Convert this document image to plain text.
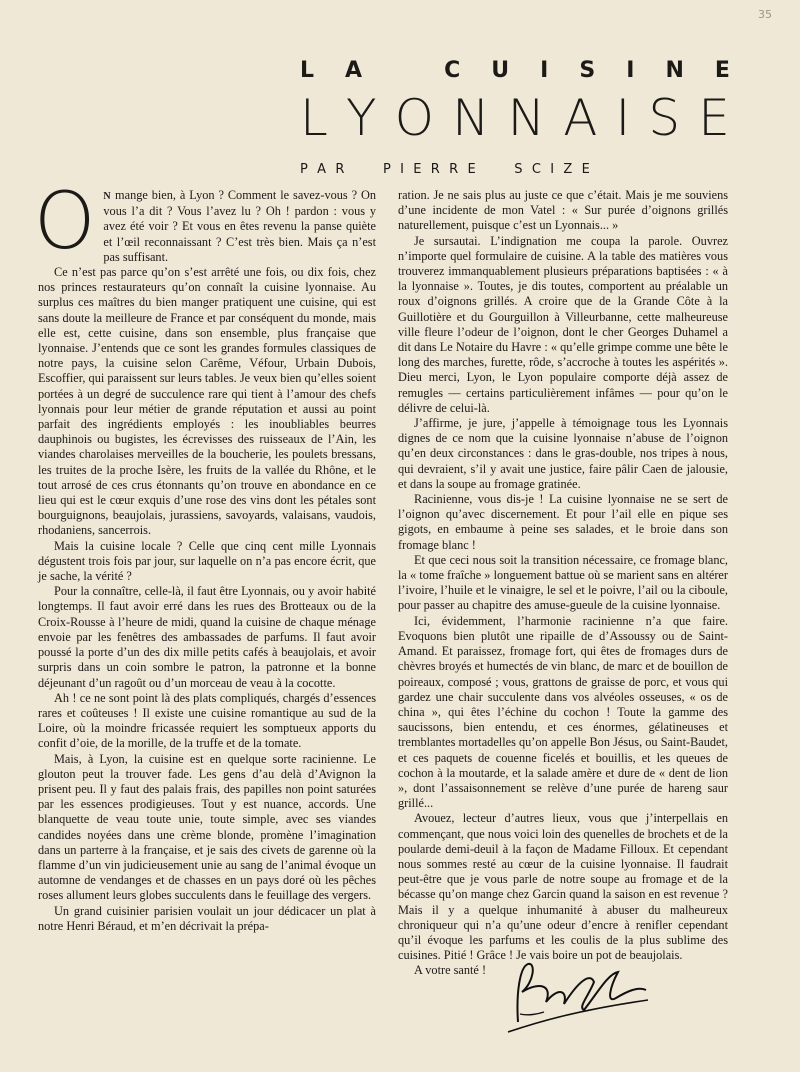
35
L A	C U I S I N E
L Y O N N A I S E
P A R	P I E R R E	S C I Z E

O N mange bien, à Lyon ? Comment le savez-vous ? On vous l’a dit ? Vous l’avez lu ? Oh ! pardon : vous y avez été voir ? Et vous en êtes revenu la panse quiète et l’œil reconnaissant ? C’est très bien. Mais ça n’est pas suffisant.

Ce n’est pas parce qu’on s’est arrêté une fois, ou dix fois, chez nos princes restaurateurs qu’on connaît la cuisine lyonnaise. Au surplus ces maîtres du bien manger pratiquent une cuisine, qui est sans doute la meilleure de France et par conséquent du monde, mais elle est, cette cuisine, dans son ensemble, plus française que lyonnaise. J’entends que ce sont les grandes formules classiques de notre pays, la cuisine selon Carême, Véfour, Urbain Dubois, Escoffier, qui paraissent sur leurs tables. Je veux bien qu’elles soient portées à un degré de succulence rare qui tient à l’amour des chefs lyonnais pour leur métier de grande réputation et aussi au point parfait des ingrédients employés : les inoubliables beurres dauphinois ou bugistes, les écrevisses des ruisseaux de l’Ain, les viandes charolaises merveilles de la boucherie, les poulets bressans, les truites de la proche Isère, les fruits de la vallée du Rhône, et le tout arrosé de ces crus étonnants qu’on trouve en abondance en ce lieu qui est le cœur exquis d’une rose des vins dont les pétales sont bourguignons, beaujolais, jurassiens, savoyards, valaisans, vaudois, rhodaniens, sancerrois.

Mais la cuisine locale ? Celle que cinq cent mille Lyonnais dégustent trois fois par jour, sur laquelle on n’a pas encore écrit, que je sache, la vérité ?

Pour la connaître, celle-là, il faut être Lyonnais, ou y avoir habité longtemps. Il faut avoir erré dans les rues des Brotteaux ou de la Croix-Rousse à l’heure de midi, quand la cuisine de chaque ménage envoie par les fenêtres des ambassades de parfums. Il faut avoir poussé la porte d’un des dix mille petits cafés à beaujolais, et avoir surpris dans un coin sombre le patron, la patronne et la bonne déjeunant d’un ragoût ou d’un morceau de veau à la cocotte.

Ah ! ce ne sont point là des plats compliqués, chargés d’essences rares et coûteuses ! Il existe une cuisine romantique au sud de la Loire, où la moindre fricassée requiert les somptueux apports du confit d’oie, de la morille, de la truffe et de la tomate.

Mais, à Lyon, la cuisine est en quelque sorte racinienne. Le glouton peut la trouver fade. Les gens d’au delà d’Avignon la prisent peu. Il y faut des palais frais, des papilles non point saturées par les essences prodigieuses. Tout y est nuance, accords. Une blanquette de veau toute unie, toute simple, avec ses viandes candides noyées dans une crème blonde, promène l’imagination dans un parterre à la française, et je sais des civets de garenne où la flamme d’un vin judicieusement unie au sang de l’animal évoque un automne de vendanges et de chasses en un pays doré où les pêches roses allument leurs globes succulents dans le feuillage des vergers.

Un grand cuisinier parisien voulait un jour dédicacer un plat à notre Henri Béraud, et m’en décrivait la prépa-

ration. Je ne sais plus au juste ce que c’était. Mais je me souviens d’une incidente de mon Vatel : « Sur purée d’oignons grillés naturellement, puisque c’est un Lyonnais... »

Je sursautai. L’indignation me coupa la parole. Ouvrez n’importe quel formulaire de cuisine. A la table des matières vous trouverez immanquablement plusieurs préparations baptisées : « à la lyonnaise ». Toutes, je dis toutes, comportent au préalable un roux d’oignons grillés. A croire que de la Grande Côte à la Guillotière et du Gourguillon à Villeurbanne, cette malheureuse ville fleure l’odeur de l’oignon, dont le cher Georges Duhamel a dit dans Le Notaire du Havre : « qu’elle grimpe comme une bête le long des marches, furette, rôde, s’accroche à toutes les aspérités ». Dieu merci, Lyon, le Lyon populaire comporte déjà assez de remugles — certains particulièrement infâmes — pour qu’on le délivre de celui-là.

J’affirme, je jure, j’appelle à témoignage tous les Lyonnais dignes de ce nom que la cuisine lyonnaise n’abuse de l’oignon qu’en deux circonstances : dans le gras-double, nos tripes à nous, qui devraient, s’il y avait une justice, faire pâlir Caen de jalousie, et dans la soupe au fromage gratinée.

Racinienne, vous dis-je ! La cuisine lyonnaise ne se sert de l’oignon qu’avec discernement. Et pour l’ail elle en pique ses gigots, en embaume à peine ses salades, et le broie dans son fromage blanc !

Et que ceci nous soit la transition nécessaire, ce fromage blanc, la « tome fraîche » longuement battue où se marient sans en altérer l’ivoire, l’huile et le vinaigre, le sel et le poivre, l’ail ou la ciboule, pour passer au chapitre des amuse-gueule de la cuisine lyonnaise.

Ici, évidemment, l’harmonie racinienne n’a que faire. Evoquons bien plutôt une ripaille de d’Assoussy ou de Saint-Amand. Et paraissez, fromage fort, qui êtes de fromages durs de chèvres broyés et humectés de vin blanc, de marc et de bouillon de poireaux, composé ; vous, grattons de graisse de porc, et vous qui gardez une chair succulente dans vos alvéoles osseuses, « os de china », qui êtes l’échine du cochon ! Toute la gamme des saucissons, bien entendu, et ces énormes, gélatineuses et tremblantes mortadelles qu’on appelle Bon Jésus, ou Saint-Baudet, et ces paquets de couenne ficelés et bouillis, et les queues de cochon à la moutarde, et la salade amère et dure de « dent de lion », dont l’assaisonnement se relève d’une purée de hareng saur grillé...

Avouez, lecteur d’autres lieux, vous que j’interpellais en commençant, que nous voici loin des quenelles de brochets et de la poularde demi-deuil à la façon de Madame Filloux. Et cependant nous sommes resté au cœur de la cuisine lyonnaise. Il faudrait peut-être que je vous parle de notre soupe au fromage et de la bécasse qu’on mange chez Garcin quand la saison en est revenue ? Mais il y a quelque inhumanité à abuser du malheureux chroniqueur qui n’a qu’une odeur d’encre à renifler cependant qu’il évoque les parfums et les coulis de la plus sublime des cuisines. Pitié ! Grâce ! Je vais boire un pot de beaujolais.

A votre santé !
